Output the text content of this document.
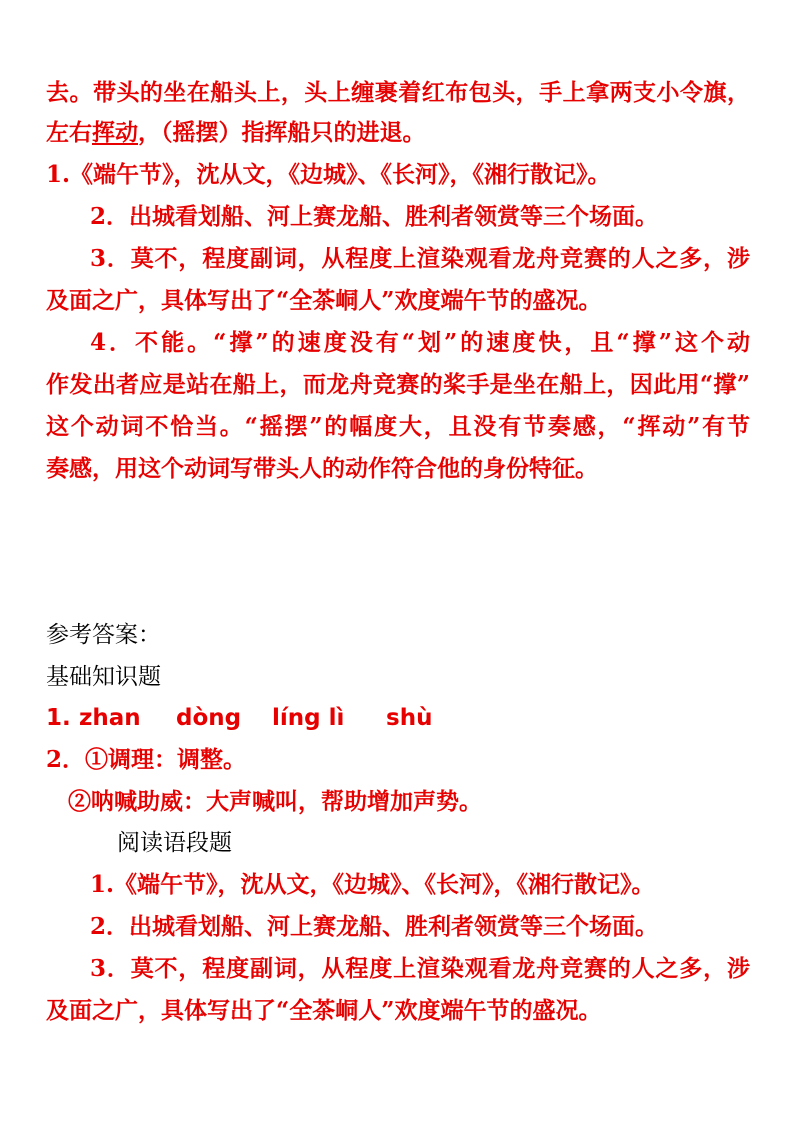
去。带头的坐在船头上，头上缠裹着红布包头，手上拿两支小令旗，
左右挥动，（摇摆）指挥船只的进退。
1.《端午节》，沈从文，《边城》、《长河》，《湘行散记》。
2．出城看划船、河上赛龙船、胜利者领赏等三个场面。
3．莫不，程度副词，从程度上渲染观看龙舟竞赛的人之多，涉
及面之广，具体写出了“全茶峒人”欢度端午节的盛况。
4．不能。“撑”的速度没有“划”的速度快，且“撑”这个动
作发出者应是站在船上，而龙舟竞赛的桨手是坐在船上，因此用“撑”
这个动词不恰当。“摇摆”的幅度大，且没有节奏感，“挥动”有节
奏感，用这个动词写带头人的动作符合他的身份特征。
参考答案：
基础知识题
1. zhan dòng líng lì shù
2．①调理：调整。
②呐喊助威：大声喊叫，帮助增加声势。
阅读语段题
1.《端午节》，沈从文，《边城》、《长河》，《湘行散记》。
2．出城看划船、河上赛龙船、胜利者领赏等三个场面。
3．莫不，程度副词，从程度上渲染观看龙舟竞赛的人之多，涉
及面之广，具体写出了“全茶峒人”欢度端午节的盛况。
